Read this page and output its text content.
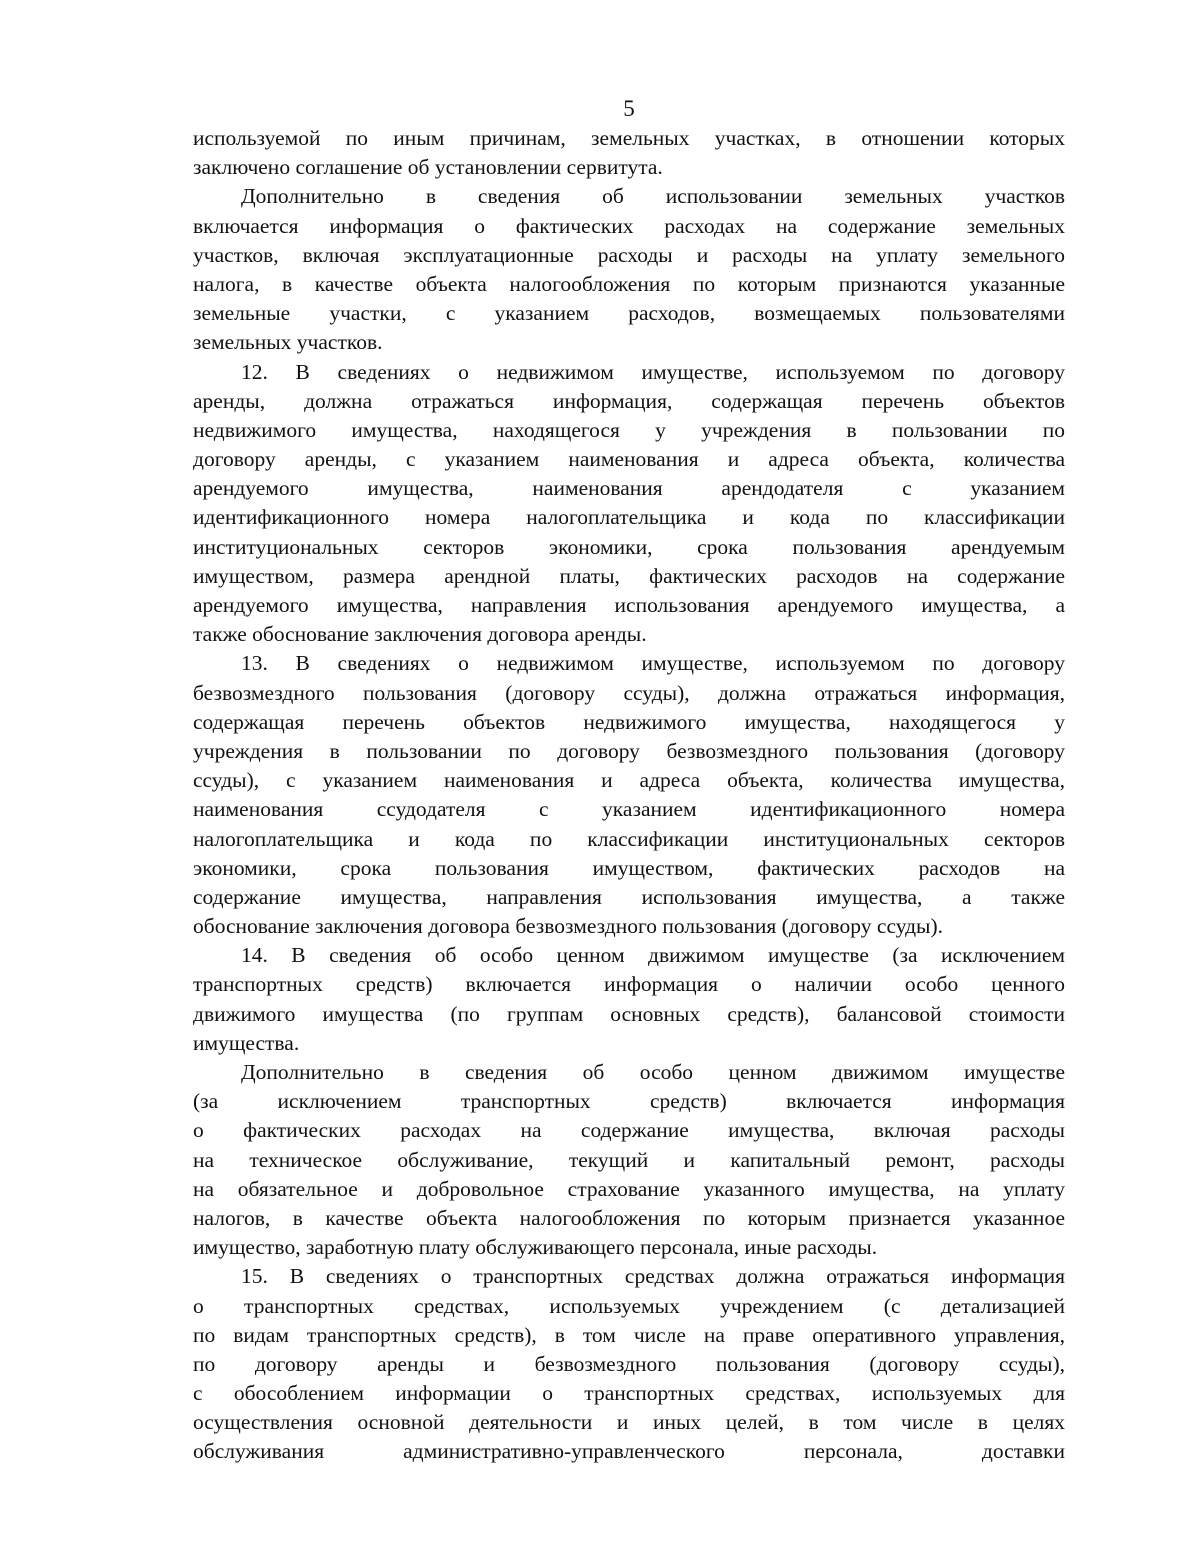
5
используемой по иным причинам, земельных участках, в отношении которых
заключено соглашение об установлении сервитута.
Дополнительно в сведения об использовании земельных участков
включается информация о фактических расходах на содержание земельных
участков, включая эксплуатационные расходы и расходы на уплату земельного
налога, в качестве объекта налогообложения по которым признаются указанные
земельные участки, с указанием расходов, возмещаемых пользователями
земельных участков.
12. В сведениях о недвижимом имуществе, используемом по договору
аренды, должна отражаться информация, содержащая перечень объектов
недвижимого имущества, находящегося у учреждения в пользовании по
договору аренды, с указанием наименования и адреса объекта, количества
арендуемого имущества, наименования арендодателя с указанием
идентификационного номера налогоплательщика и кода по классификации
институциональных секторов экономики, срока пользования арендуемым
имуществом, размера арендной платы, фактических расходов на содержание
арендуемого имущества, направления использования арендуемого имущества, а
также обоснование заключения договора аренды.
13. В сведениях о недвижимом имуществе, используемом по договору
безвозмездного пользования (договору ссуды), должна отражаться информация,
содержащая перечень объектов недвижимого имущества, находящегося у
учреждения в пользовании по договору безвозмездного пользования (договору
ссуды), с указанием наименования и адреса объекта, количества имущества,
наименования ссудодателя с указанием идентификационного номера
налогоплательщика и кода по классификации институциональных секторов
экономики, срока пользования имуществом, фактических расходов на
содержание имущества, направления использования имущества, а также
обоснование заключения договора безвозмездного пользования (договору ссуды).
14. В сведения об особо ценном движимом имуществе (за исключением
транспортных средств) включается информация о наличии особо ценного
движимого имущества (по группам основных средств), балансовой стоимости
имущества.
Дополнительно в сведения об особо ценном движимом имуществе
(за исключением транспортных средств) включается информация
о фактических расходах на содержание имущества, включая расходы
на техническое обслуживание, текущий и капитальный ремонт, расходы
на обязательное и добровольное страхование указанного имущества, на уплату
налогов, в качестве объекта налогообложения по которым признается указанное
имущество, заработную плату обслуживающего персонала, иные расходы.
15. В сведениях о транспортных средствах должна отражаться информация
о транспортных средствах, используемых учреждением (с детализацией
по видам транспортных средств), в том числе на праве оперативного управления,
по договору аренды и безвозмездного пользования (договору ссуды),
с обособлением информации о транспортных средствах, используемых для
осуществления основной деятельности и иных целей, в том числе в целях
обслуживания административно-управленческого персонала, доставки
